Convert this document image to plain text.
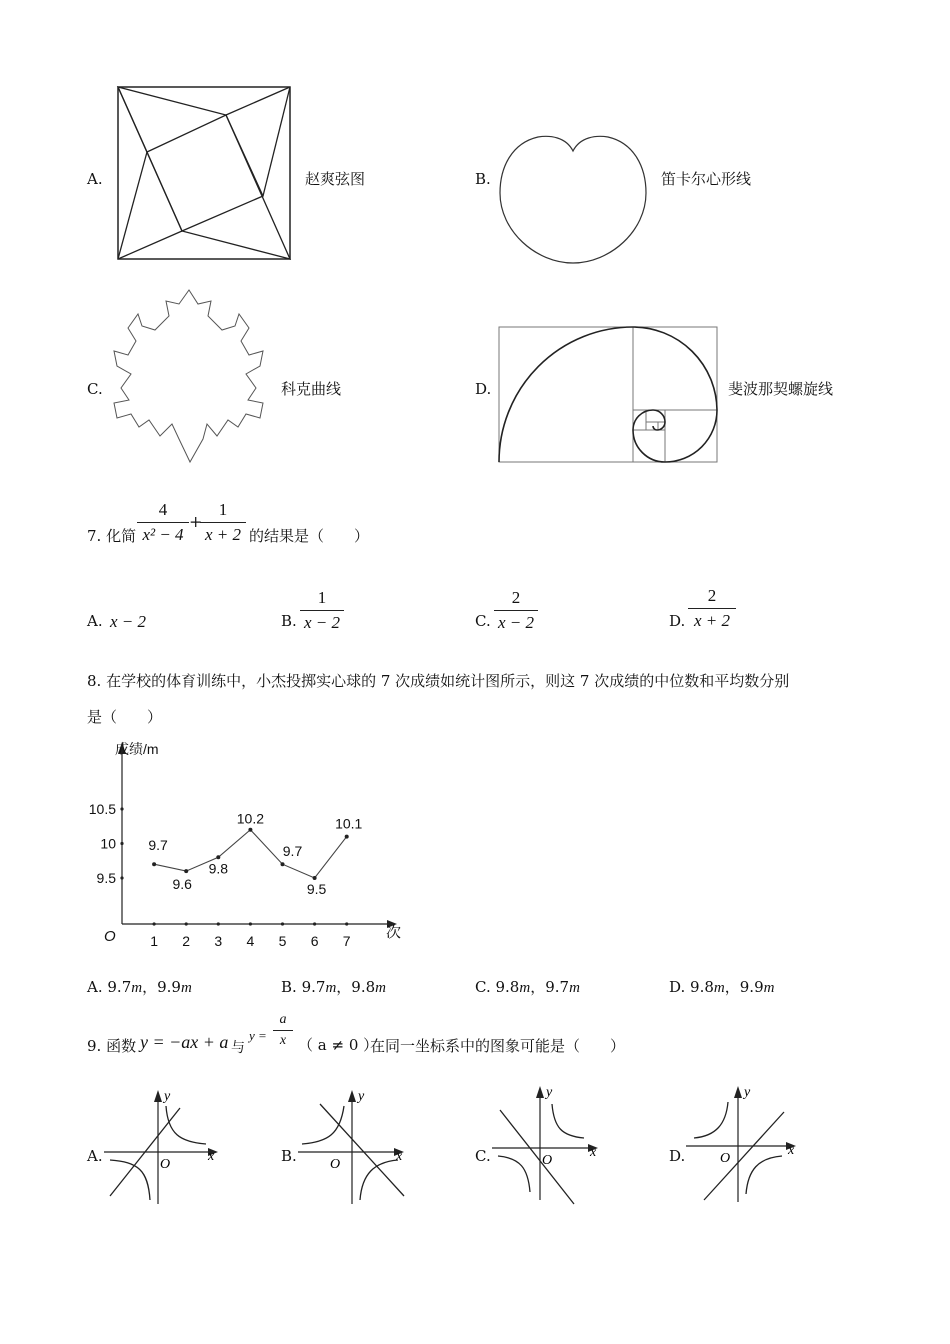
A.	赵爽弦图	B.	笛卡尔心形线
C.	科克曲线	D.	斐波那契螺旋线
7. 化简 $\frac{4}{\text{x² − 4}}$ +
$\frac{1}{x + 2}$ 的结果是（　　）
A. x − 2	B. $\frac{1}{x - 2}$	C. $\frac{2}{x - 2}$	D. $\frac{2}{x + 2}$
8. 在学校的体育训练中，小杰投掷实心球的 7 次成绩如统计图所示，则这 7 次成绩的中位数和平均数分别
是（　　）
成绩/m
次
O
9.5
10
10.5
1 2 3 4 5 6 7
9.7
9.6
9.8
10.2
9.7
9.5
10.1
A. 9.7m，9.9m	B. 9.7m，9.8m	C. 9.8m，9.7m	D. 9.8m，9.9m
9. 函数 y = −ax + a 与
$y = \frac{a}{x}$ （ a ≠ 0 ）
在同一坐标系中的图象可能是（　　）
A.
y
x
O	B.
y
x
O	C.
y
x
O	D.
y
x
O
